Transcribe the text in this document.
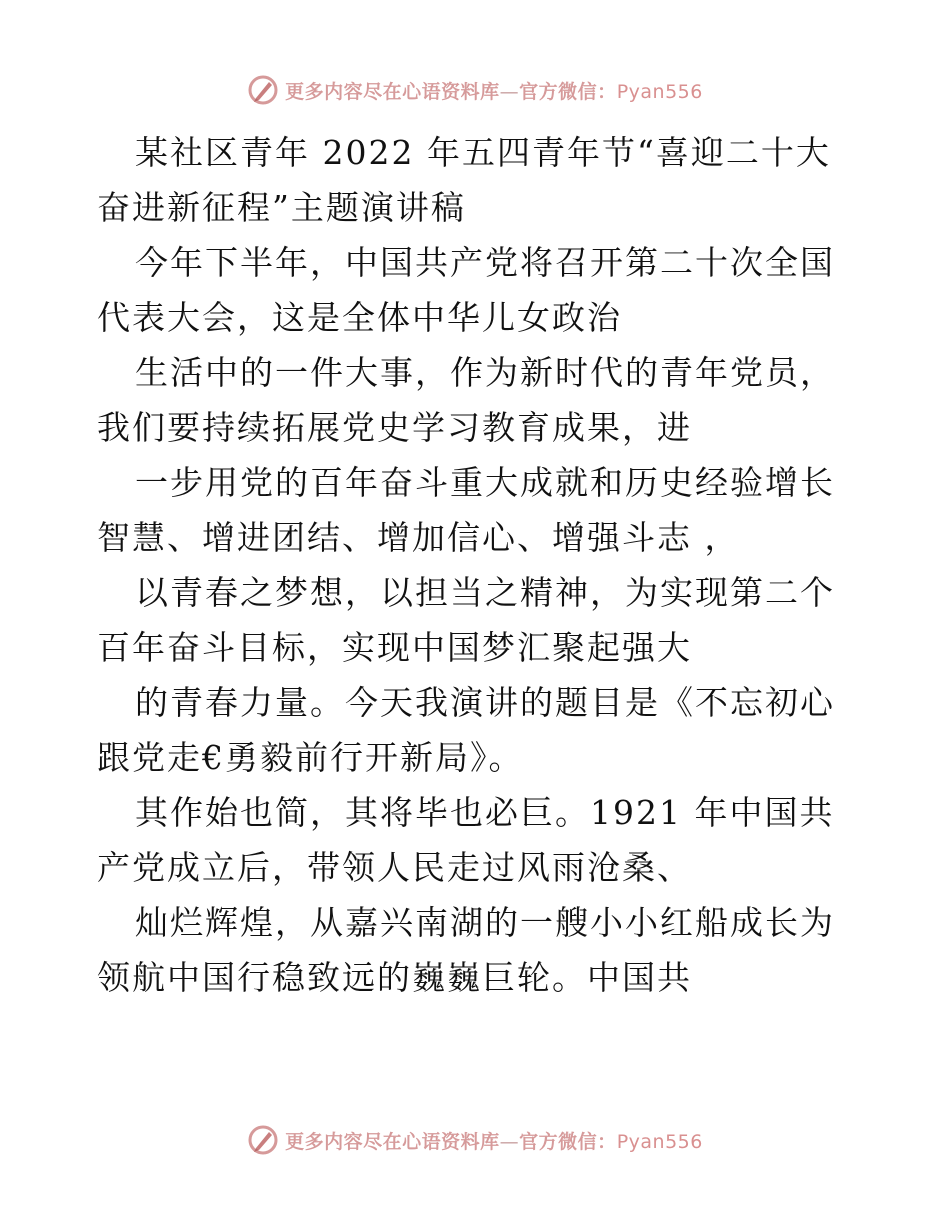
更多内容尽在心语资料库—官方微信：Pyan556

某社区青年 2022 年五四青年节“喜迎二十大奋进新征程”主题演讲稿

今年下半年，中国共产党将召开第二十次全国代表大会，这是全体中华儿女政治

生活中的一件大事，作为新时代的青年党员，我们要持续拓展党史学习教育成果，进

一步用党的百年奋斗重大成就和历史经验增长智慧、增进团结、增加信心、增强斗志 ，

以青春之梦想，以担当之精神，为实现第二个百年奋斗目标，实现中国梦汇聚起强大

的青春力量。今天我演讲的题目是《不忘初心跟党走€勇毅前行开新局》。

其作始也简，其将毕也必巨。1921 年中国共产党成立后，带领人民走过风雨沧桑、

灿烂辉煌，从嘉兴南湖的一艘小小红船成长为领航中国行稳致远的巍巍巨轮。中国共

更多内容尽在心语资料库—官方微信：Pyan556
